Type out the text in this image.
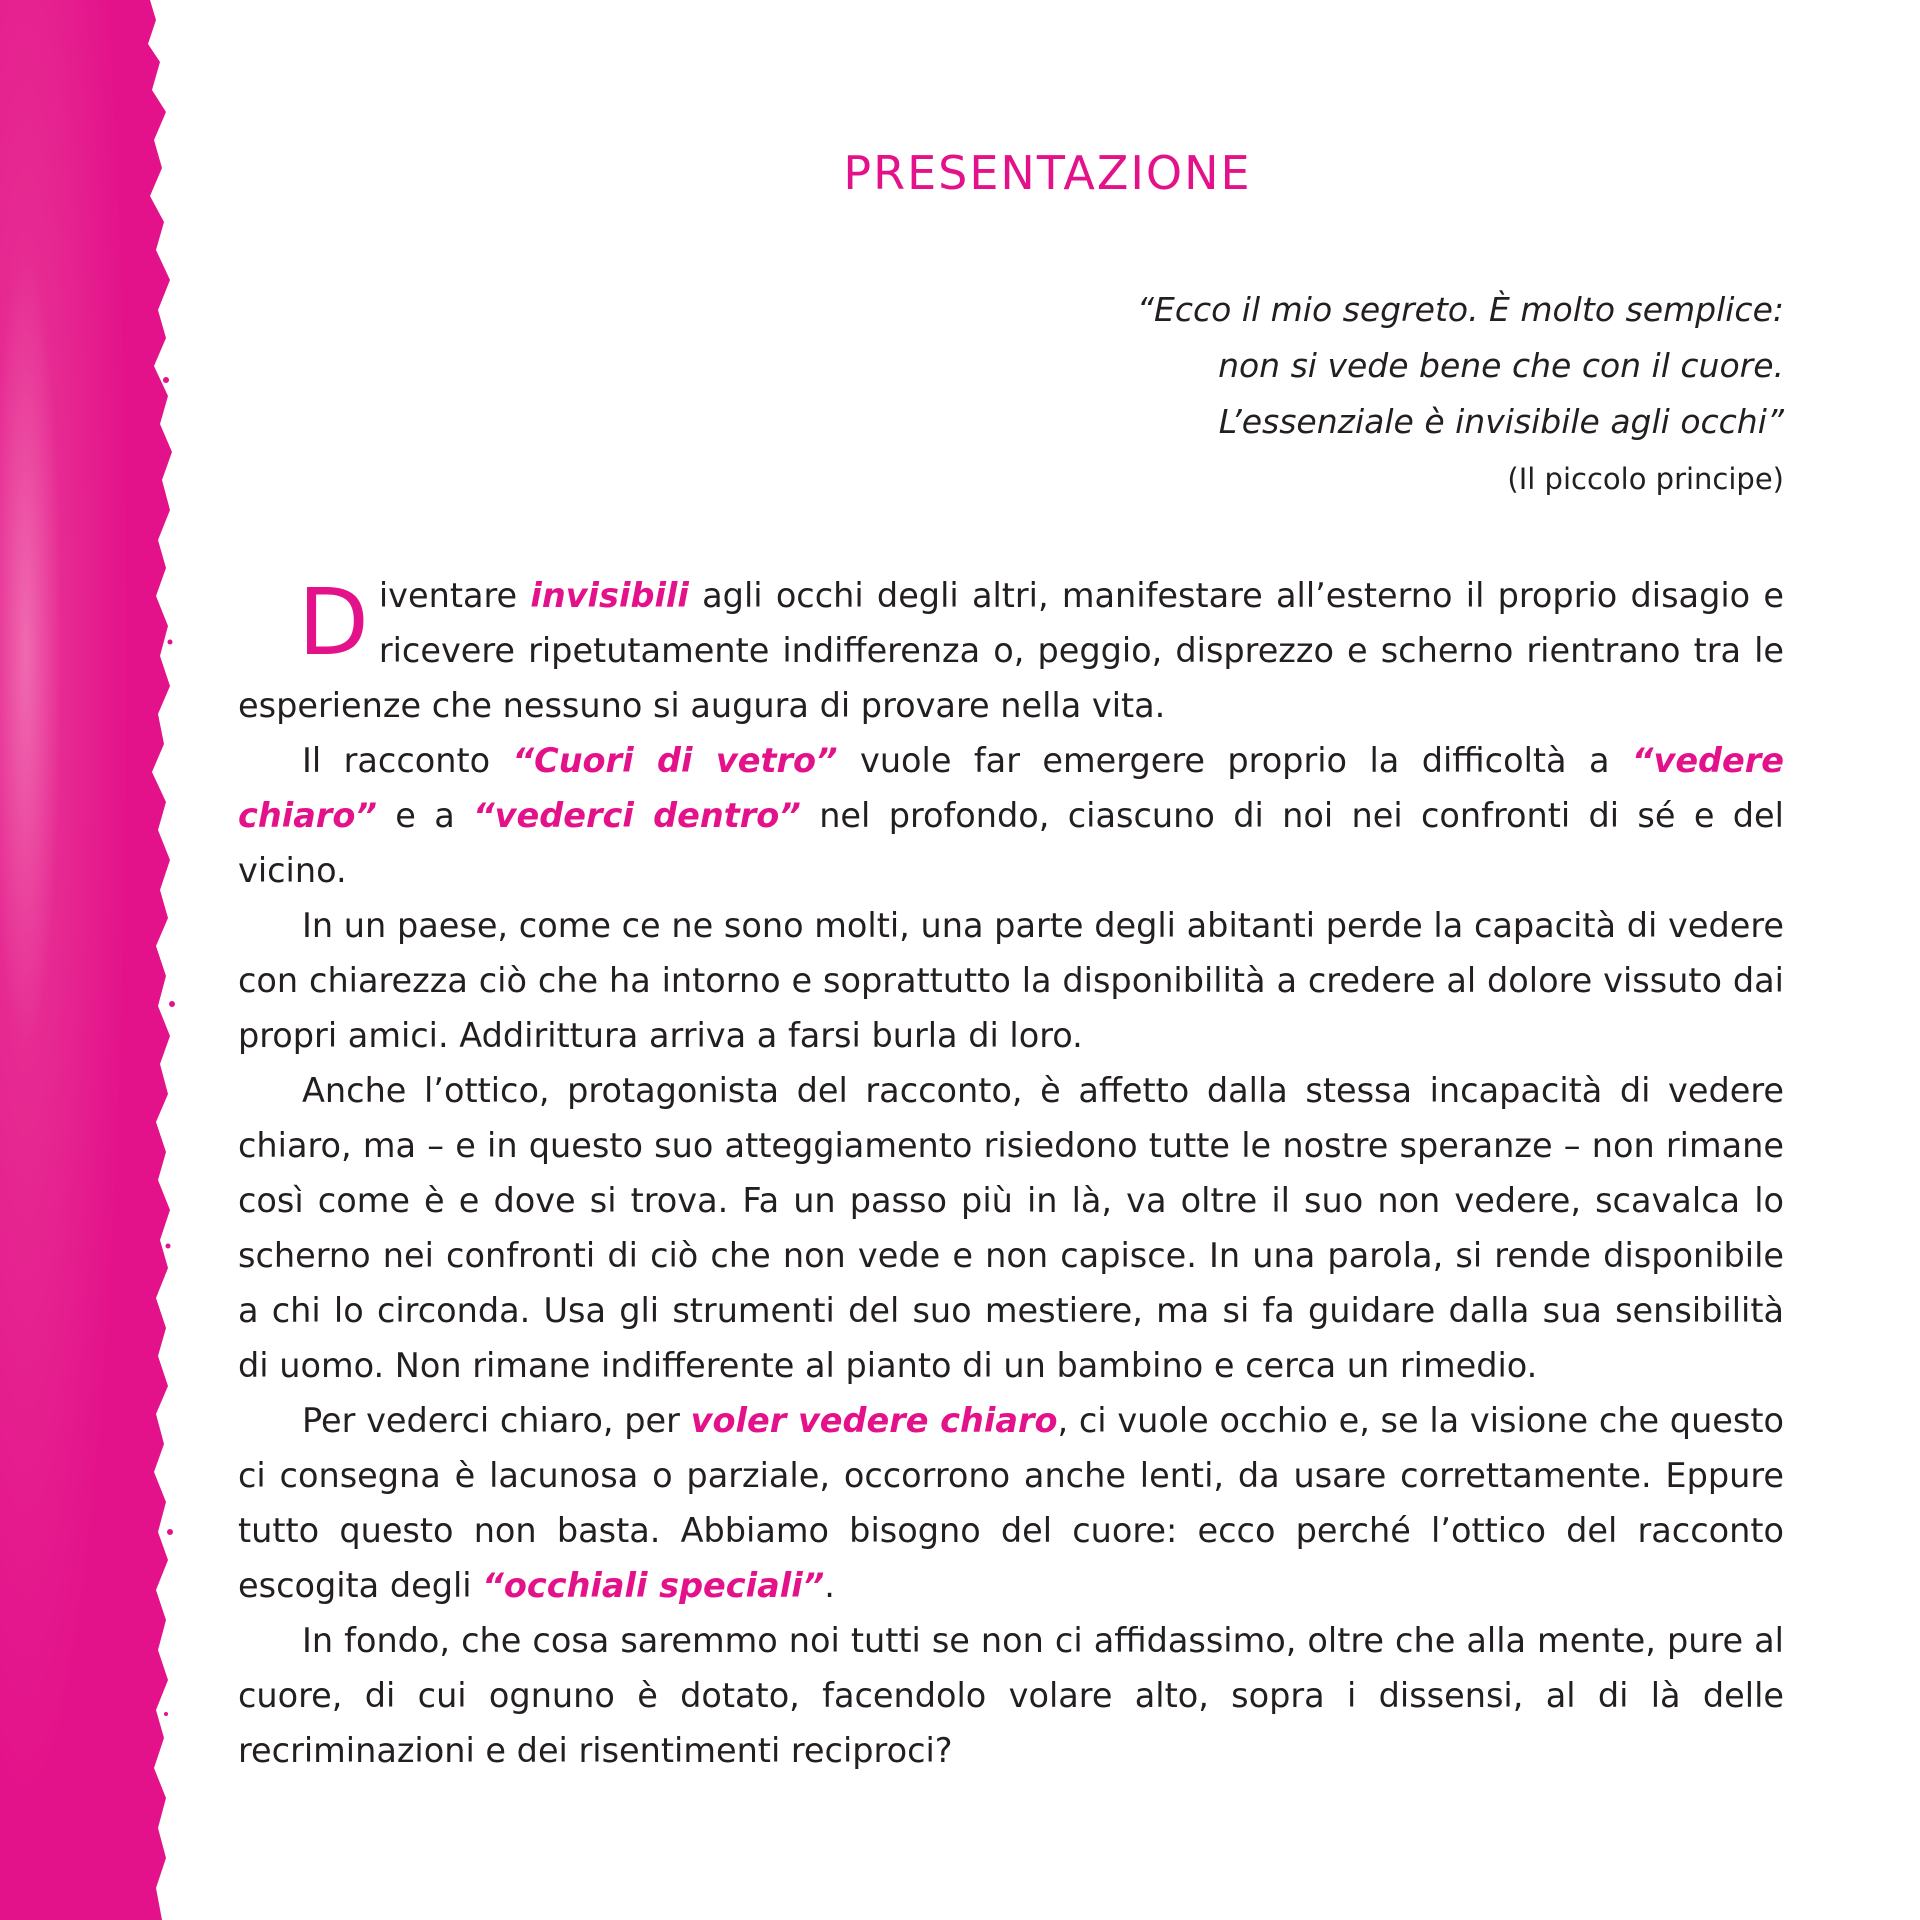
PRESENTAZIONE
“Ecco il mio segreto. È molto semplice:
non si vede bene che con il cuore.
L’essenziale è invisibile agli occhi”
(Il piccolo principe)

Diventare invisibili agli occhi degli altri, manifestare all’esterno il proprio disagio e ricevere ripetutamente indifferenza o, peggio, disprezzo e scherno rientrano tra le esperienze che nessuno si augura di provare nella vita.

Il racconto “Cuori di vetro” vuole far emergere proprio la difficoltà a “vedere chiaro” e a “vederci dentro” nel profondo, ciascuno di noi nei confronti di sé e del vicino.

In un paese, come ce ne sono molti, una parte degli abitanti perde la capacità di vedere con chiarezza ciò che ha intorno e soprattutto la disponibilità a credere al dolore vissuto dai propri amici. Addirittura arriva a farsi burla di loro.

Anche l’ottico, protagonista del racconto, è affetto dalla stessa incapacità di vedere chiaro, ma – e in questo suo atteggiamento risiedono tutte le nostre speranze – non rimane così come è e dove si trova. Fa un passo più in là, va oltre il suo non vedere, scavalca lo scherno nei confronti di ciò che non vede e non capisce. In una parola, si rende disponibile a chi lo circonda. Usa gli strumenti del suo mestiere, ma si fa guidare dalla sua sensibilità di uomo. Non rimane indifferente al pianto di un bambino e cerca un rimedio.

Per vederci chiaro, per voler vedere chiaro, ci vuole occhio e, se la visione che questo ci consegna è lacunosa o parziale, occorrono anche lenti, da usare correttamente. Eppure tutto questo non basta. Abbiamo bisogno del cuore: ecco perché l’ottico del racconto escogita degli “occhiali speciali”.

In fondo, che cosa saremmo noi tutti se non ci affidassimo, oltre che alla mente, pure al cuore, di cui ognuno è dotato, facendolo volare alto, sopra i dissensi, al di là delle recriminazioni e dei risentimenti reciproci?
